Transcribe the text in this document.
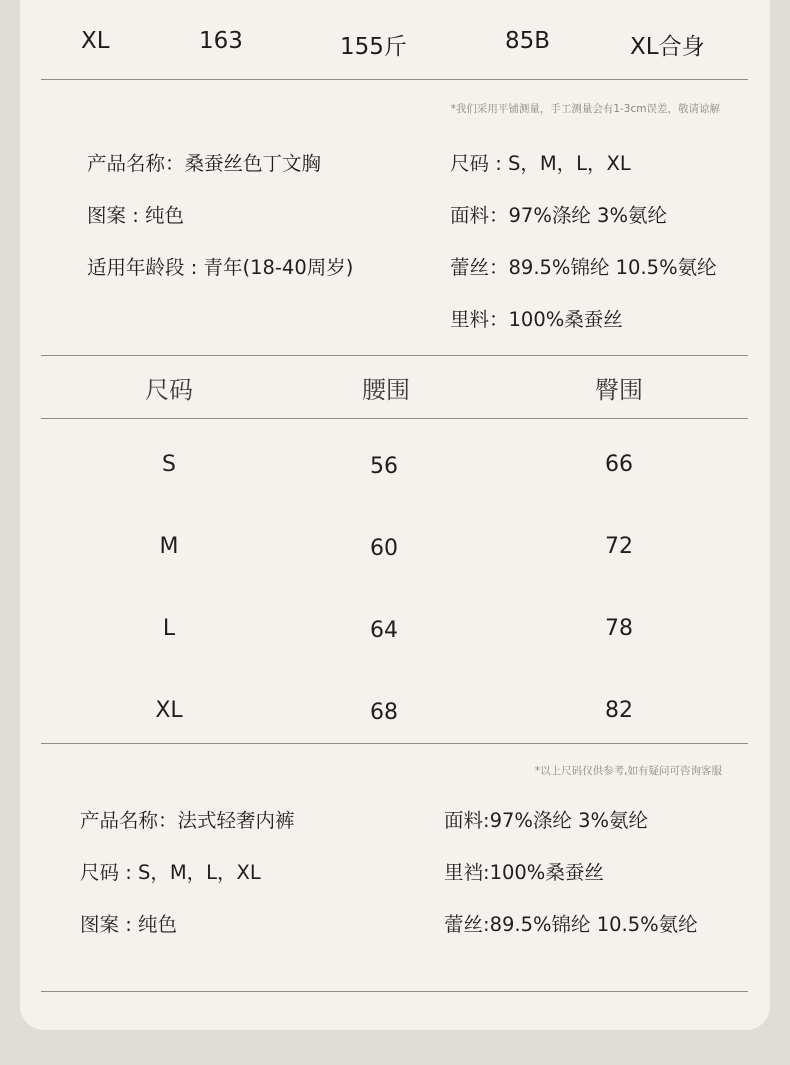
XL	163	155斤	85B	XL合身
*我们采用平铺测量，手工测量会有1-3cm误差，敬请谅解
产品名称：桑蚕丝色丁文胸
图案 : 纯色
适用年龄段 : 青年(18-40周岁)
尺码 : S，M，L，XL
面料：97%涤纶 3%氨纶
蕾丝：89.5%锦纶 10.5%氨纶
里料：100%桑蚕丝
尺码	腰围	臀围
S	56	66
M	60	72
L	64	78
XL	68	82
*以上尺码仅供参考,如有疑问可咨询客服
产品名称：法式轻奢内裤
尺码 : S，M，L，XL
图案 : 纯色
面料:97%涤纶 3%氨纶
里裆:100%桑蚕丝
蕾丝:89.5%锦纶 10.5%氨纶
